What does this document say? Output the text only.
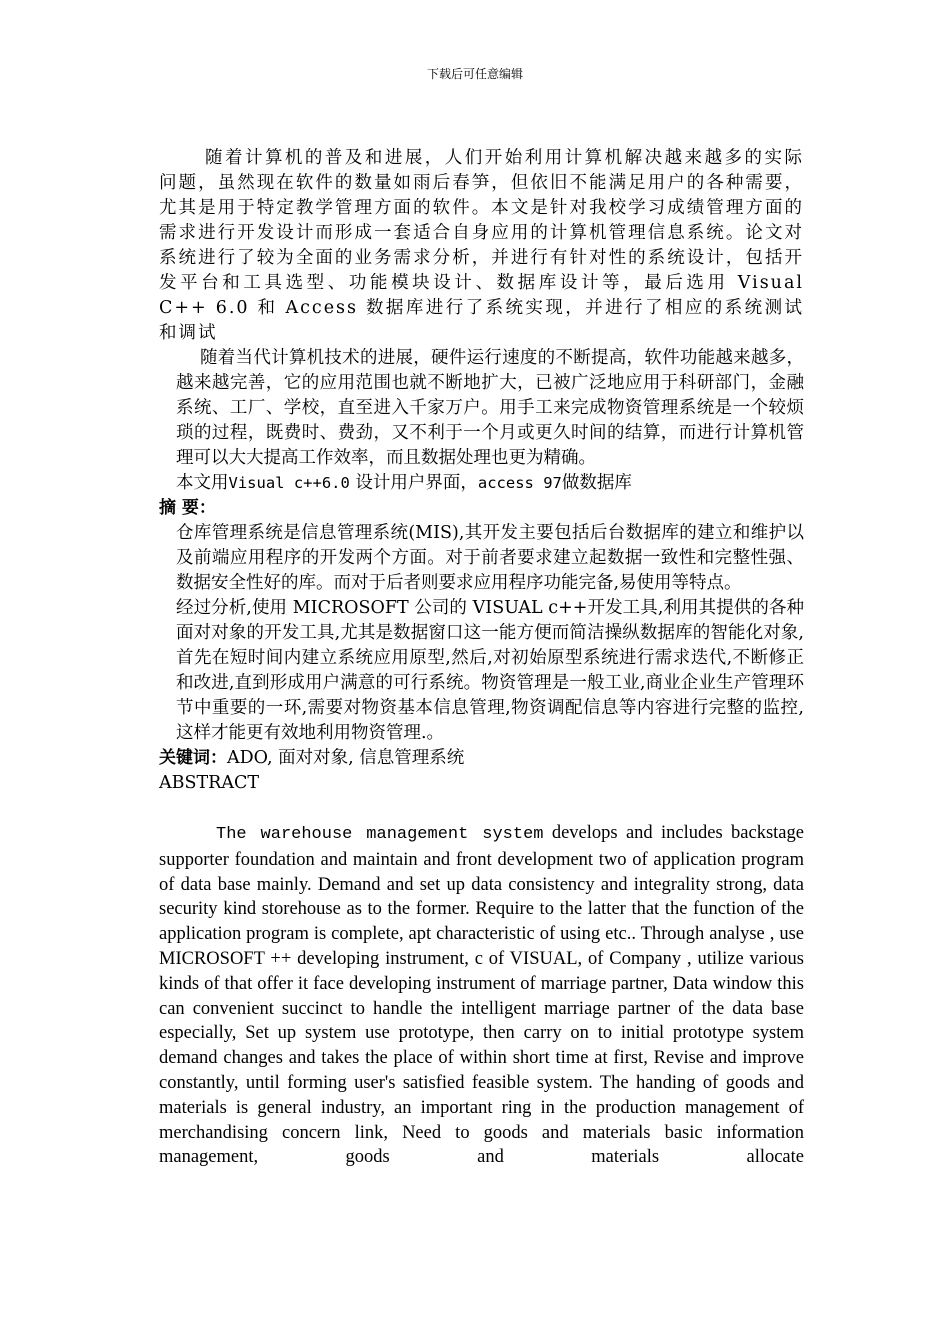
下载后可任意编辑

随着计算机的普及和进展，人们开始利用计算机解决越来越多的实际问题，虽然现在软件的数量如雨后春笋，但依旧不能满足用户的各种需要，尤其是用于特定教学管理方面的软件。本文是针对我校学习成绩管理方面的需求进行开发设计而形成一套适合自身应用的计算机管理信息系统。论文对系统进行了较为全面的业务需求分析，并进行有针对性的系统设计，包括开发平台和工具选型、功能模块设计、数据库设计等，最后选用 Visual C++ 6.0 和 Access 数据库进行了系统实现，并进行了相应的系统测试和调试

随着当代计算机技术的进展，硬件运行速度的不断提高，软件功能越来越多，越来越完善，它的应用范围也就不断地扩大，已被广泛地应用于科研部门，金融系统、工厂、学校，直至进入千家万户。用手工来完成物资管理系统是一个较烦琐的过程，既费时、费劲，又不利于一个月或更久时间的结算，而进行计算机管理可以大大提高工作效率，而且数据处理也更为精确。

本文用Visual c++6.0 设计用户界面，access 97做数据库

摘 要：

仓库管理系统是信息管理系统(MIS),其开发主要包括后台数据库的建立和维护以及前端应用程序的开发两个方面。对于前者要求建立起数据一致性和完整性强、数据安全性好的库。而对于后者则要求应用程序功能完备,易使用等特点。

经过分析,使用 MICROSOFT 公司的 VISUAL c++开发工具,利用其提供的各种面对对象的开发工具,尤其是数据窗口这一能方便而简洁操纵数据库的智能化对象,首先在短时间内建立系统应用原型,然后,对初始原型系统进行需求迭代,不断修正和改进,直到形成用户满意的可行系统。物资管理是一般工业,商业企业生产管理环节中重要的一环,需要对物资基本信息管理,物资调配信息等内容进行完整的监控,这样才能更有效地利用物资管理.。

关键词：ADO, 面对对象, 信息管理系统

ABSTRACT

The warehouse management system develops and includes backstage supporter foundation and maintain and front development two of application program of data base mainly. Demand and set up data consistency and integrality strong, data security kind storehouse as to the former. Require to the latter that the function of the application program is complete, apt characteristic of using etc.. Through analyse , use MICROSOFT ++ developing instrument, c of VISUAL, of Company , utilize various kinds of that offer it face developing instrument of marriage partner, Data window this can convenient succinct to handle the intelligent marriage partner of the data base especially, Set up system use prototype, then carry on to initial prototype system demand changes and takes the place of within short time at first, Revise and improve constantly, until forming user's satisfied feasible system. The handing of goods and materials is general industry, an important ring in the production management of merchandising concern link, Need to goods and materials basic information management, goods and materials allocate
